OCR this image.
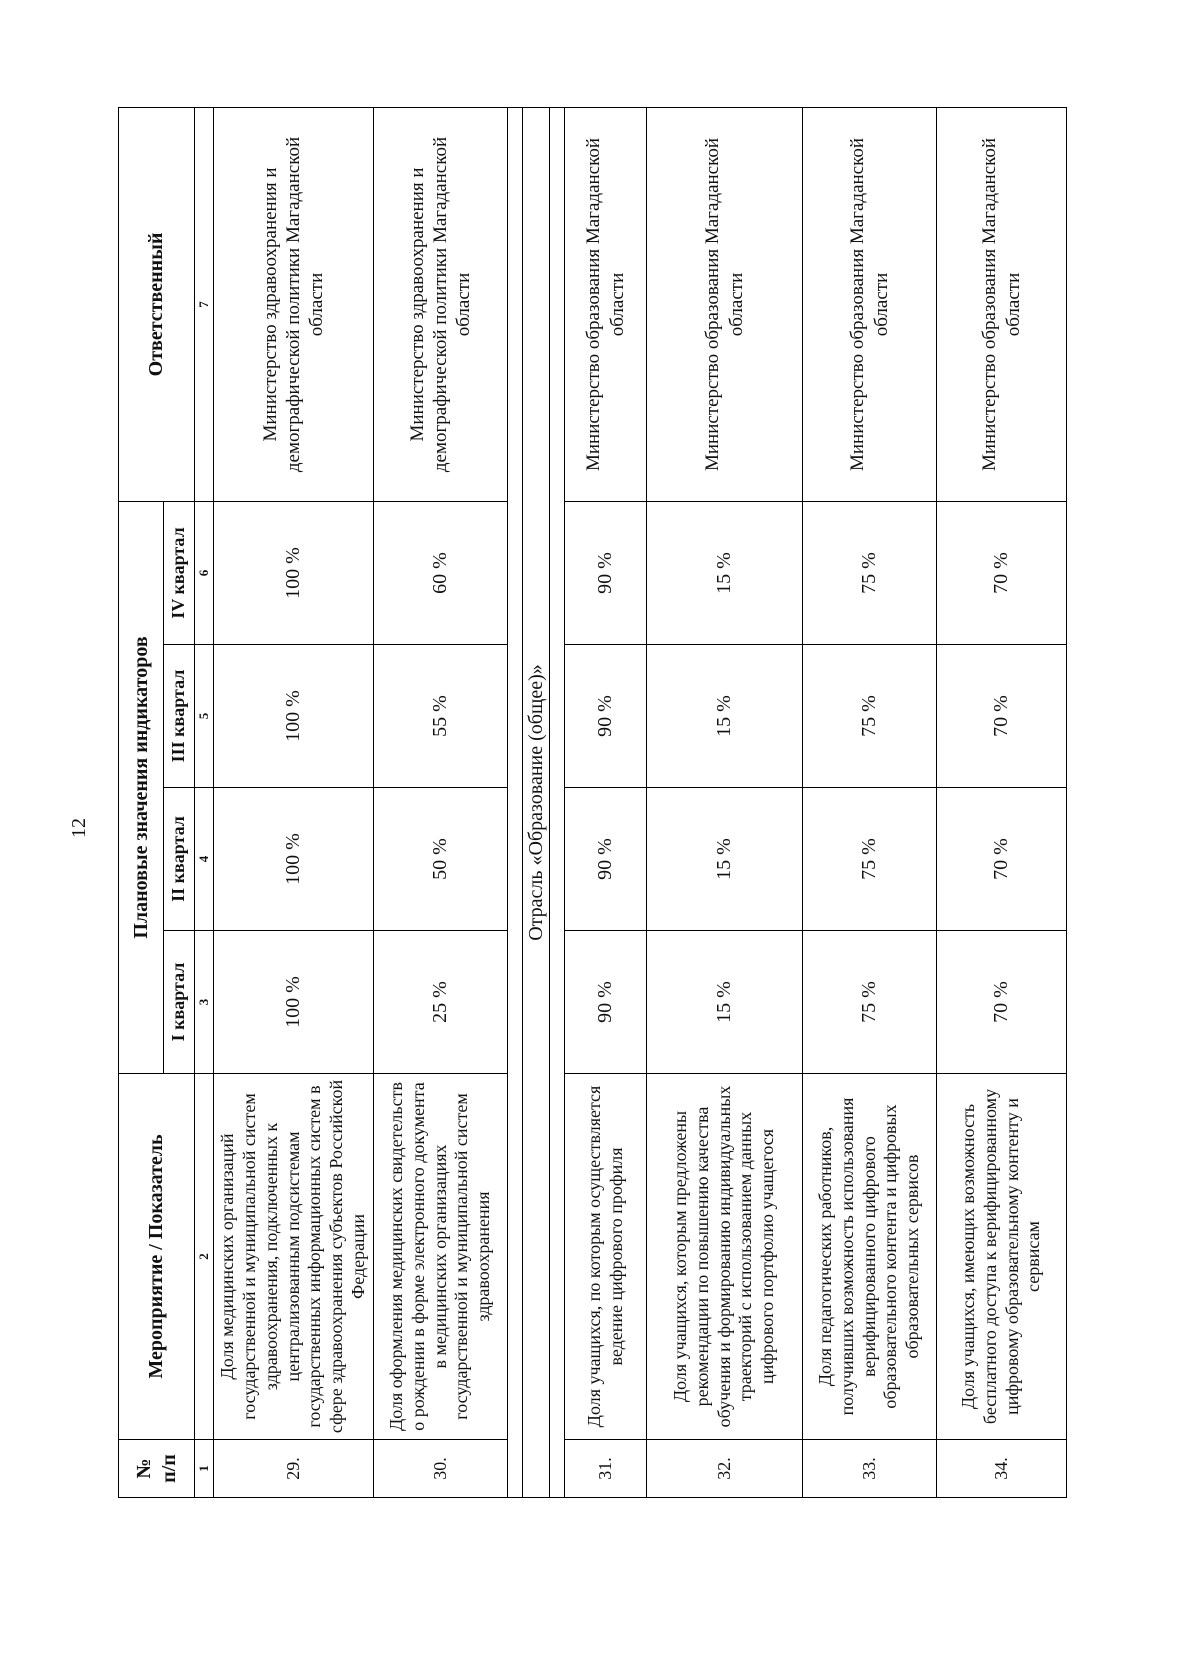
12
№
п/п	Мероприятие / Показатель	Плановые значения индикаторов				Ответственный
		I квартал	II квартал	III квартал	IV квартал	
1	2	3	4	5	6	7
29.	Доля медицинских организаций государственной и муниципальной систем здравоохранения, подключенных к централизованным подсистемам государственных информационных систем в сфере здравоохранения субъектов Российской Федерации	100 %	100 %	100 %	100 %	Министерство здравоохранения и демографической политики Магаданской области
30.	Доля оформления медицинских свидетельств о рождении в форме электронного документа в медицинских организациях государственной и муниципальной систем здравоохранения	25 %	50 %	55 %	60 %	Министерство здравоохранения и демографической политики Магаданской области

Отрасль «Образование (общее)»						

31.	Доля учащихся, по которым осуществляется ведение цифрового профиля	90 %	90 %	90 %	90 %	Министерство образования Магаданской области
32.	Доля учащихся, которым предложены рекомендации по повышению качества обучения и формированию индивидуальных траекторий с использованием данных цифрового портфолио учащегося	15 %	15 %	15 %	15 %	Министерство образования Магаданской области
33.	Доля педагогических работников, получивших возможность использования верифицированного цифрового образовательного контента и цифровых образовательных сервисов	75 %	75 %	75 %	75 %	Министерство образования Магаданской области
34.	Доля учащихся, имеющих возможность бесплатного доступа к верифицированному цифровому образовательному контенту и сервисам	70 %	70 %	70 %	70 %	Министерство образования Магаданской области
